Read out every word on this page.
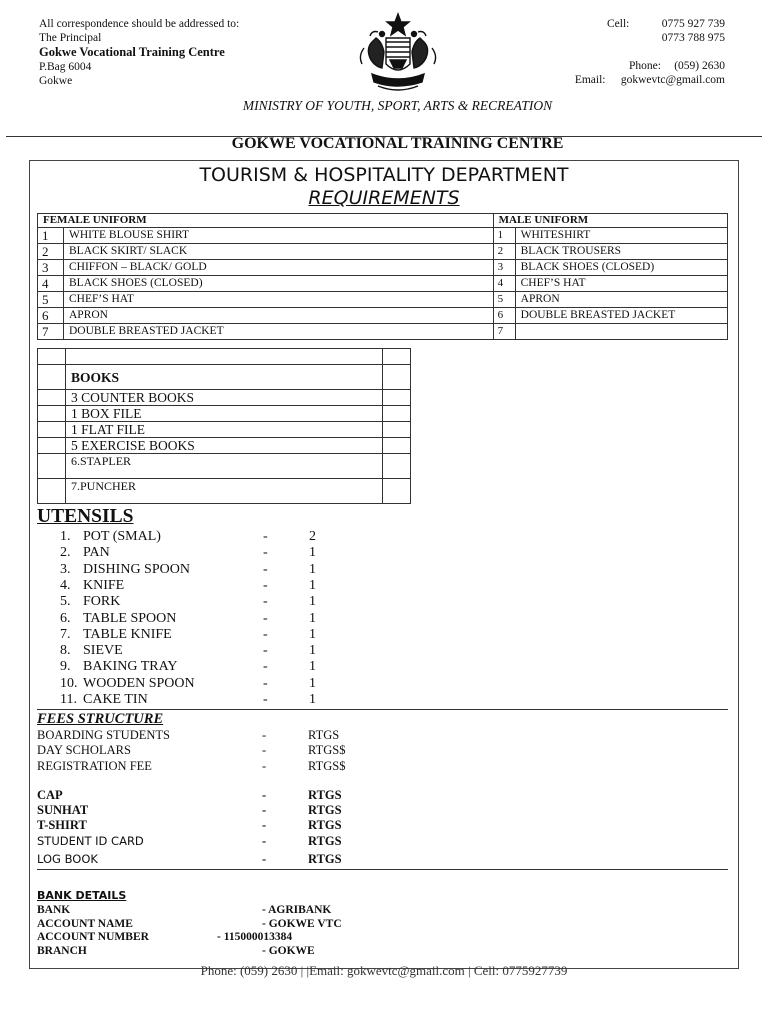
All correspondence should be addressed to:
The Principal
Gokwe Vocational Training Centre
P.Bag 6004
Gokwe
Cell:	0775 927 739
0773 788 975
Phone:	(059) 2630
Email:	gokwevtc@gmail.com
MINISTRY OF YOUTH, SPORT, ARTS & RECREATION
GOKWE VOCATIONAL TRAINING CENTRE
TOURISM & HOSPITALITY DEPARTMENT
REQUIREMENTS
FEMALE UNIFORM		MALE UNIFORM	
1	WHITE BLOUSE SHIRT	1	WHITESHIRT
2	BLACK SKIRT/ SLACK	2	BLACK TROUSERS
3	CHIFFON – BLACK/ GOLD	3	BLACK SHOES (CLOSED)
4	BLACK SHOES (CLOSED)	4	CHEF’S HAT
5	CHEF’S HAT	5	APRON
6	APRON	6	DOUBLE BREASTED JACKET
7	DOUBLE BREASTED JACKET	7	

	BOOKS	
	3 COUNTER BOOKS	
	1 BOX FILE	
	1 FLAT FILE	
	5 EXERCISE BOOKS	
	6.STAPLER	
	7.PUNCHER	
UTENSILS
1. POT (SMAL)	-	2
2. PAN	-	1
3. DISHING SPOON	-	1
4. KNIFE	-	1
5. FORK	-	1
6. TABLE SPOON	-	1
7. TABLE KNIFE	-	1
8. SIEVE	-	1
9. BAKING TRAY	-	1
10. WOODEN SPOON	-	1
11. CAKE TIN	-	1
FEES STRUCTURE
BOARDING STUDENTS	-	RTGS
DAY SCHOLARS	-	RTGS$
REGISTRATION FEE	-	RTGS$
CAP	-	RTGS
SUNHAT	-	RTGS
T-SHIRT	-	RTGS
STUDENT ID CARD	-	RTGS
LOG BOOK	-	RTGS
BANK DETAILS
BANK	- AGRIBANK
ACCOUNT NAME	- GOKWE VTC
ACCOUNT NUMBER	- 115000013384
BRANCH	- GOKWE
Phone: (059) 2630 | |Email: gokwevtc@gmail.com | Cell: 0775927739
